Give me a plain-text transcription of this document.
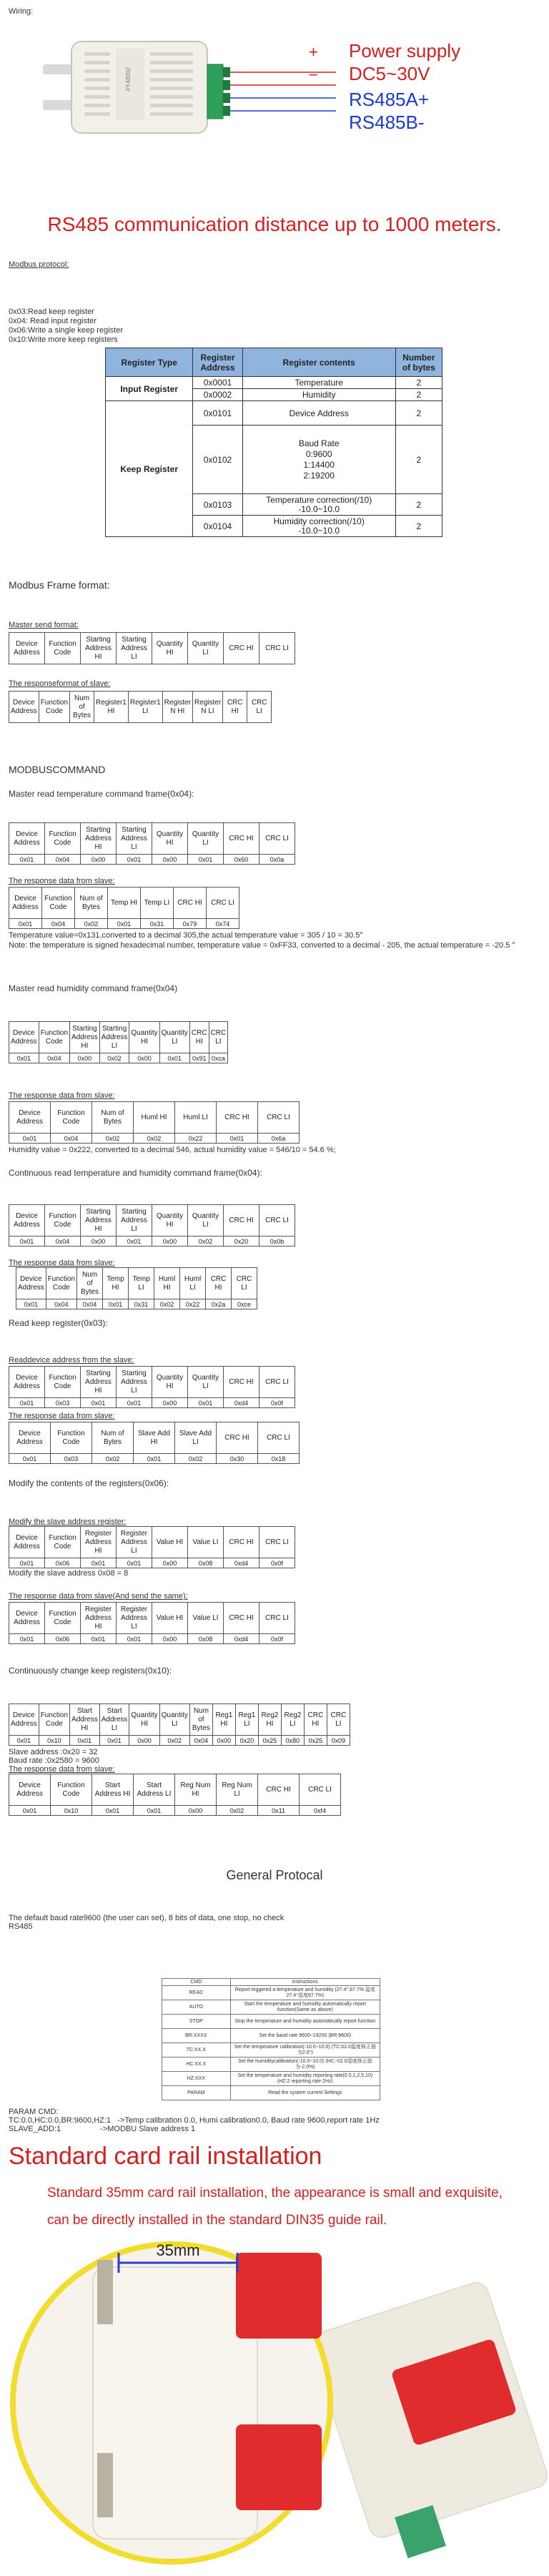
Wiring:
XY-MD02
+
−
Power supply
DC5~30V
RS485A+
RS485B-
RS485 communication distance up to 1000 meters.
Modbus protocol:
0x03:Read keep register
0x04: Read input register
0x06:Write a single keep register
0x10:Write more keep registers
Register Type	Register Address	Register contents	Number of bytes
Input Register	0x0001	Temperature	2
	0x0002	Humidity	2
Keep Register	0x0101	Device Address	2
	0x0102	Baud Rate
0:9600
1:14400
2:19200	2
	0x0103	Temperature correction(/10)
-10.0~10.0	2
	0x0104	Humidity correction(/10)
-10.0~10.0	2
Modbus Frame format:
Master send format:
Device Address	Function Code	Starting Address HI	Starting Address LI	Quantity HI	Quantity LI	CRC HI	CRC LI
The responseformat of slave:
Device Address	Function Code	Num of Bytes	Register1 HI	Register1 LI	Register N HI	Register N LI	CRC HI	CRC LI
MODBUSCOMMAND
Master read temperature command frame(0x04):
Device Address	Function Code	Starting Address HI	Starting Address LI	Quantity HI	Quantity LI	CRC HI	CRC LI
0x01	0x04	0x00	0x01	0x00	0x01	0x60	0x0a
The response data from slave:
Device Address	Function Code	Num of Bytes	Temp HI	Temp LI	CRC HI	CRC LI
0x01	0x04	0x02	0x01	0x31	0x79	0x74
Temperature value=0x131,converted to a decimal 305,the actual temperature value = 305 / 10 = 30.5°
Note: the temperature is signed hexadecimal number, temperature value = 0xFF33, converted to a decimal - 205, the actual temperature = -20.5 °
Master read humidity command frame(0x04)
Device Address	Function Code	Starting Address HI	Starting Address LI	Quantity HI	Quantity LI	CRC HI	CRC LI
0x01	0x04	0x00	0x02	0x00	0x01	0x91	0xca
The response data from slave:
Device Address	Function Code	Num of Bytes	Huml HI	Huml LI	CRC HI	CRC LI
0x01	0x04	0x02	0x02	0x22	0x01	0x6a
Humidity value = 0x222, converted to a decimal 546, actual humidity value = 546/10 = 54.6 %;
Continuous read temperature and humidity command frame(0x04):
Device Address	Function Code	Starting Address HI	Starting Address LI	Quantity HI	Quantity LI	CRC HI	CRC LI
0x01	0x04	0x00	0x01	0x00	0x02	0x20	0x0b
The response data from slave:
Device Address	Function Code	Num of Bytes	Temp HI	Temp LI	Huml HI	Huml LI	CRC HI	CRC LI
0x01	0x04	0x04	0x01	0x31	0x02	0x22	0x2a	0xce
Read keep register(0x03):
Readdevice address from the slave:
Device Address	Function Code	Starting Address HI	Starting Address LI	Quantity HI	Quantity LI	CRC HI	CRC LI
0x01	0x03	0x01	0x01	0x00	0x01	0xd4	0x0f
The response data from slave:
Device Address	Function Code	Num of Bytes	Slave Add HI	Slave Add LI	CRC HI	CRC LI
0x01	0x03	0x02	0x01	0x02	0x30	0x18
Modify the contents of the registers(0x06):
Modify the slave address register:
Device Address	Function Code	Register Address HI	Register Address LI	Value HI	Value LI	CRC HI	CRC LI
0x01	0x06	0x01	0x01	0x00	0x08	0xd4	0x0f
Modify the slave address 0x08 = 8
The response data from slave(And send the same):
Device Address	Function Code	Register Address HI	Register Address LI	Value HI	Value LI	CRC HI	CRC LI
0x01	0x06	0x01	0x01	0x00	0x08	0xd4	0x0f
Continuously change keep registers(0x10):
Device Address	Function Code	Start Address HI	Start Address LI	Quantity HI	Quantity LI	Num of Bytes	Reg1 HI	Reg1 LI	Reg2 HI	Reg2 LI	CRC HI	CRC LI
0x01	0x10	0x01	0x01	0x00	0x02	0x04	0x00	0x20	0x25	0x80	0x25	0x09
Slave address :0x20 = 32
Baud rate :0x2580 = 9600
The response data from slave:
Device Address	Function Code	Start Address HI	Start Address LI	Reg Num HI	Reg Num LI	CRC HI	CRC LI
0x01	0x10	0x01	0x01	0x00	0x02	0x11	0xf4
General Protocal
The default baud rate9600 (the user can set), 8 bits of data, one stop, no check
RS485
CMD	Instructions
READ	Report triggered a temperature and humidity (27.4°,67.7% 温度27.4°湿度67.7%)
AUTO	Start the temperature and humidity automatically report function(Same as above)
STOP	Stop the temperature and humidity automatically report function
BR:XXXX	Set the baud rate 9600~19200 (BR:9600)
TC:XX.X	Set the temperature calibration(-10.0~10.0) (TC:02.0温度修正值为2.0°)
HC:XX.X	Set the humiditycalibration(-10.0~10.0) (HC:-02.0湿度修正值为-2.0%)
HZ:XXX	Set the temperature and humidity reporting rate(0.5,1,2,5,10) (HZ:2 reporting rate 2Hz)
PARAM	Read the system current Settings
PARAM CMD:
TC:0.0,HC:0.0,BR:9600,HZ:1   ->Temp calibration 0.0, Humi calibration0.0, Baud rate 9600,report rate 1Hz
SLAVE_ADD:1                  ->MODBU Slave address 1
Standard card rail installation
Standard 35mm card rail installation, the appearance is small and exquisite,
can be directly installed in the standard DIN35 guide rail.
35mm
